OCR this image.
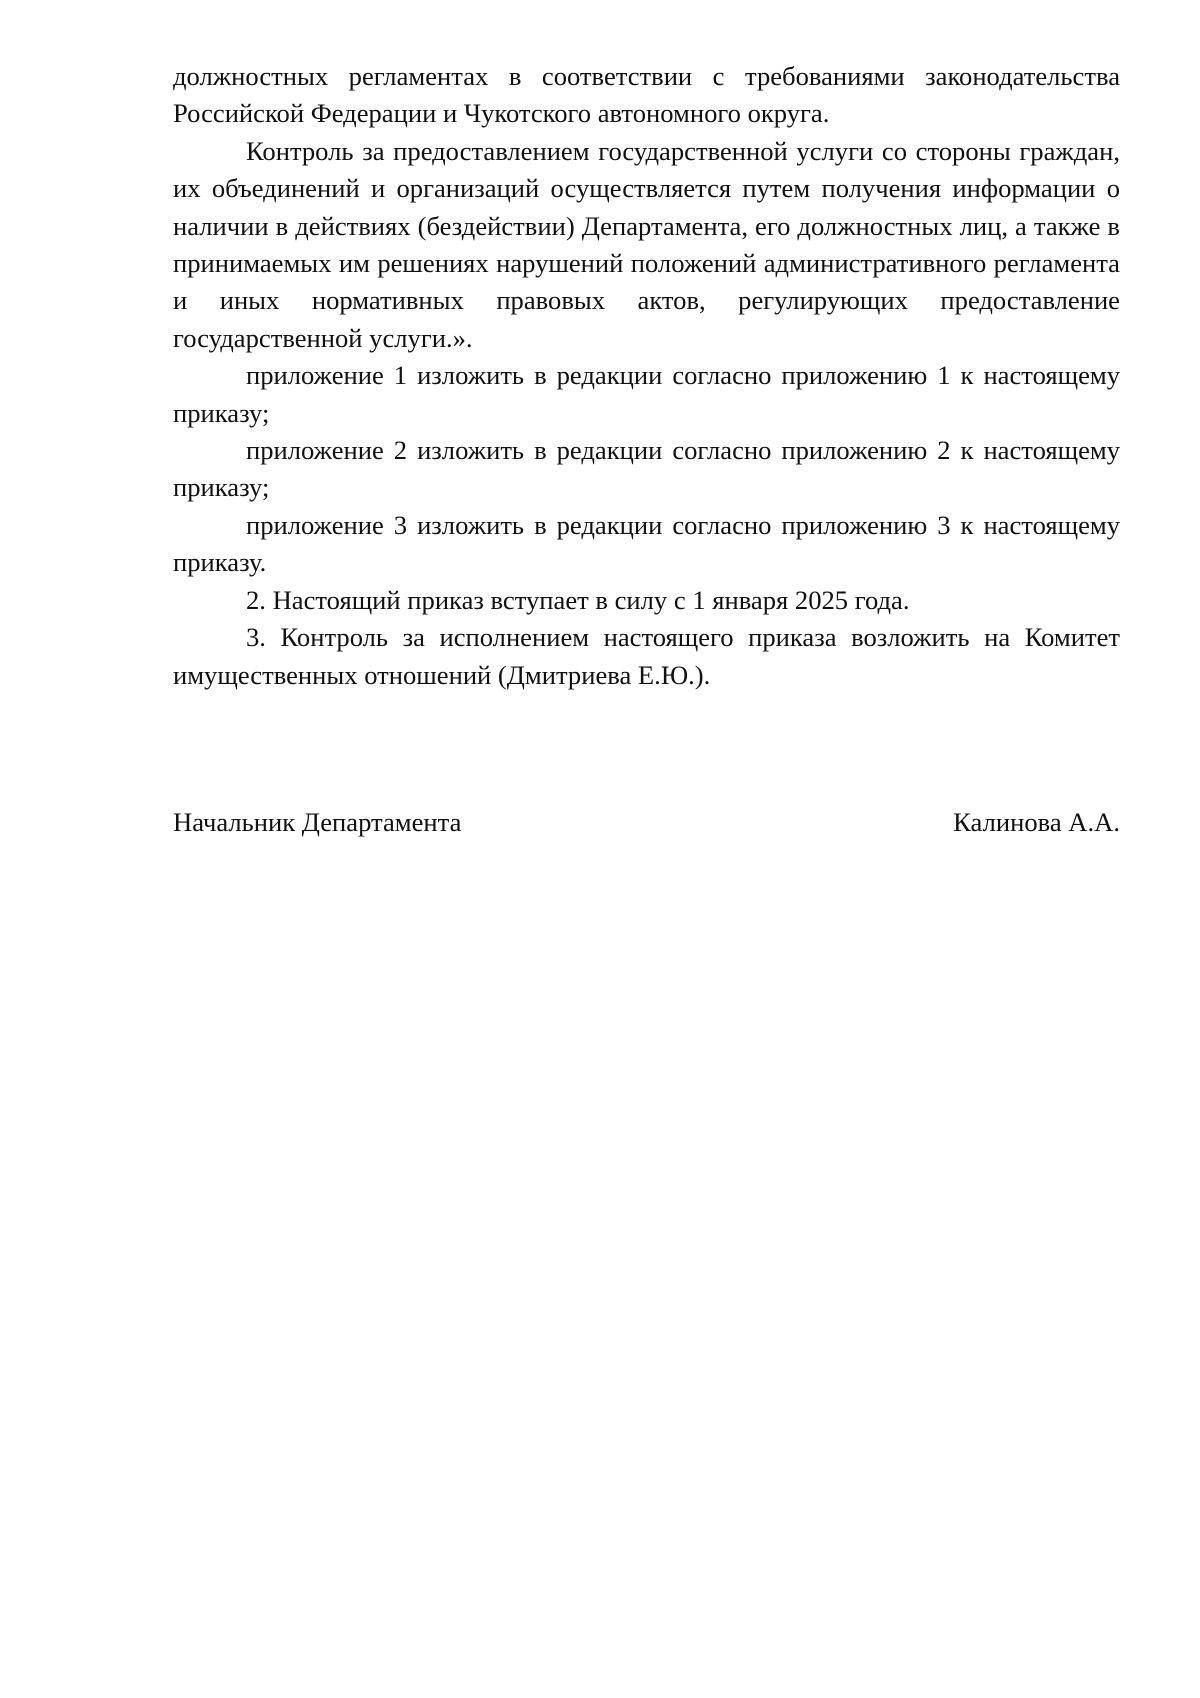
должностных регламентах в соответствии с требованиями законодательства Российской Федерации и Чукотского автономного округа.

Контроль за предоставлением государственной услуги со стороны граждан, их объединений и организаций осуществляется путем получения информации о наличии в действиях (бездействии) Департамента, его должностных лиц, а также в принимаемых им решениях нарушений положений административного регламента и иных нормативных правовых актов, регулирующих предоставление государственной услуги.».

приложение 1 изложить в редакции согласно приложению 1 к настоящему приказу;

приложение 2 изложить в редакции согласно приложению 2 к настоящему приказу;

приложение 3 изложить в редакции согласно приложению 3 к настоящему приказу.

2. Настоящий приказ вступает в силу с 1 января 2025 года.

3. Контроль за исполнением настоящего приказа возложить на Комитет имущественных отношений (Дмитриева Е.Ю.).

Начальник Департамента	Калинова А.А.
